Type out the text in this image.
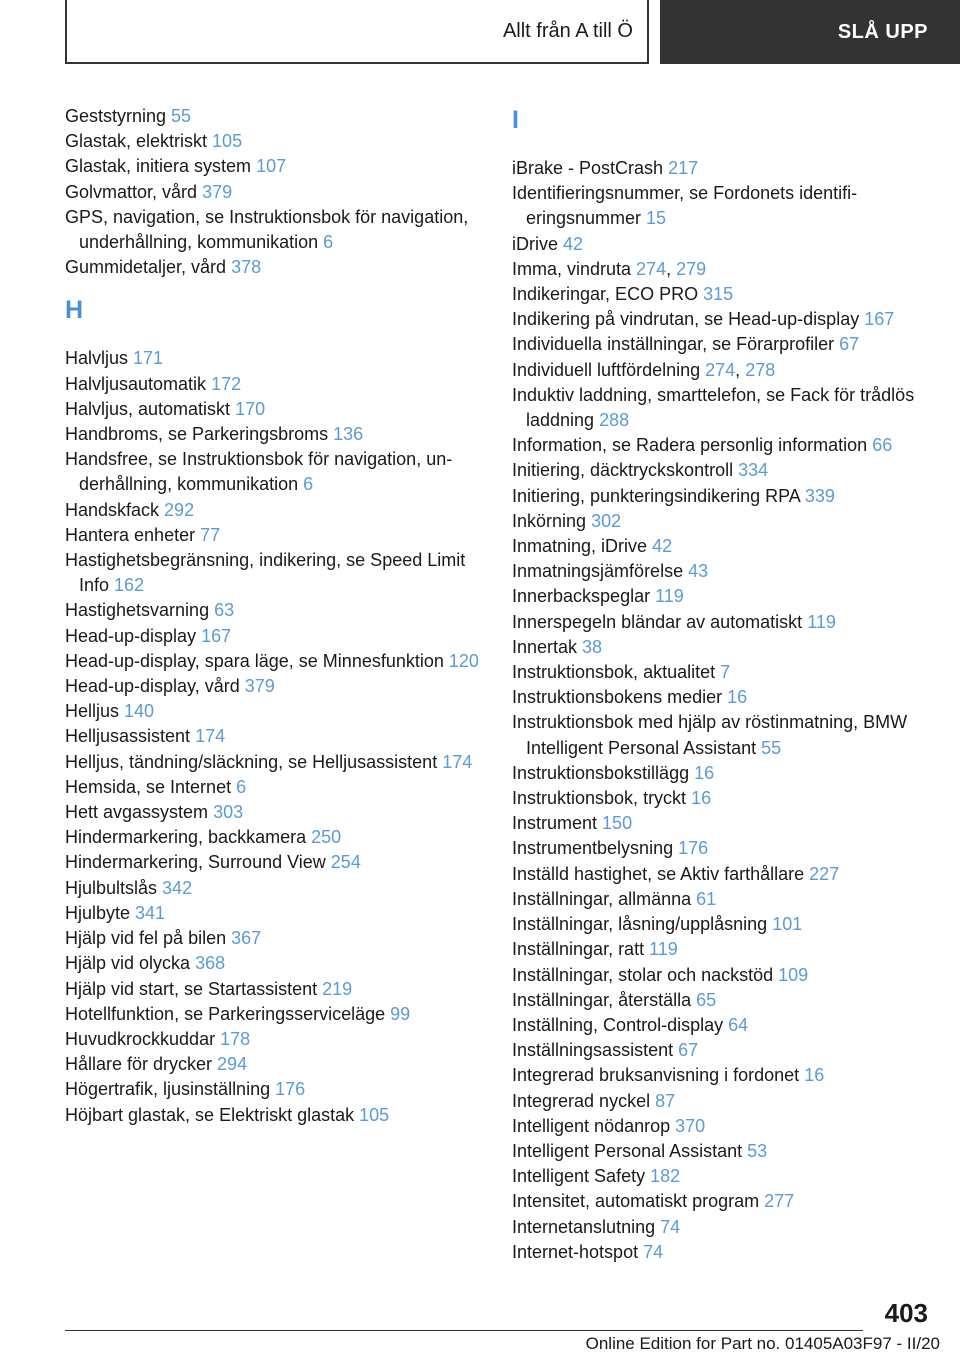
Allt från A till Ö	SLÅ UPP
Geststyrning 55
Glastak, elektriskt 105
Glastak, initiera system 107
Golvmattor, vård 379
GPS, navigation, se Instruktionsbok för navigation, underhållning, kommunikation 6
Gummidetaljer, vård 378
H
Halvljus 171
Halvljusautomatik 172
Halvljus, automatiskt 170
Handbroms, se Parkeringsbroms 136
Handsfree, se Instruktionsbok för navigation, underhållning, kommunikation 6
Handskfack 292
Hantera enheter 77
Hastighetsbegränsning, indikering, se Speed Limit Info 162
Hastighetsvarning 63
Head-up-display 167
Head-up-display, spara läge, se Minnesfunktion 120
Head-up-display, vård 379
Helljus 140
Helljusassistent 174
Helljus, tändning/släckning, se Helljusassistent 174
Hemsida, se Internet 6
Hett avgassystem 303
Hindermarkering, backkamera 250
Hindermarkering, Surround View 254
Hjulbultslås 342
Hjulbyte 341
Hjälp vid fel på bilen 367
Hjälp vid olycka 368
Hjälp vid start, se Startassistent 219
Hotellfunktion, se Parkeringsserviceläge 99
Huvudkrockkuddar 178
Hållare för drycker 294
Högertrafik, ljusinställning 176
Höjbart glastak, se Elektriskt glastak 105
I
iBrake - PostCrash 217
Identifieringsnummer, se Fordonets identifieringsnummer 15
iDrive 42
Imma, vindruta 274, 279
Indikeringar, ECO PRO 315
Indikering på vindrutan, se Head-up-display 167
Individuella inställningar, se Förarprofiler 67
Individuell luftfördelning 274, 278
Induktiv laddning, smarttelefon, se Fack för trådlös laddning 288
Information, se Radera personlig information 66
Initiering, däcktryckskontroll 334
Initiering, punkteringsindikering RPA 339
Inkörning 302
Inmatning, iDrive 42
Inmatningsjämförelse 43
Innerbackspeglar 119
Innerspegeln bländar av automatiskt 119
Innertak 38
Instruktionsbok, aktualitet 7
Instruktionsbokens medier 16
Instruktionsbok med hjälp av röstinmatning, BMW Intelligent Personal Assistant 55
Instruktionsbokstillägg 16
Instruktionsbok, tryckt 16
Instrument 150
Instrumentbelysning 176
Inställd hastighet, se Aktiv farthållare 227
Inställningar, allmänna 61
Inställningar, låsning/upplåsning 101
Inställningar, ratt 119
Inställningar, stolar och nackstöd 109
Inställningar, återställa 65
Inställning, Control-display 64
Inställningsassistent 67
Integrerad bruksanvisning i fordonet 16
Integrerad nyckel 87
Intelligent nödanrop 370
Intelligent Personal Assistant 53
Intelligent Safety 182
Intensitet, automatiskt program 277
Internetanslutning 74
Internet-hotspot 74
403
Online Edition for Part no. 01405A03F97 - II/20
